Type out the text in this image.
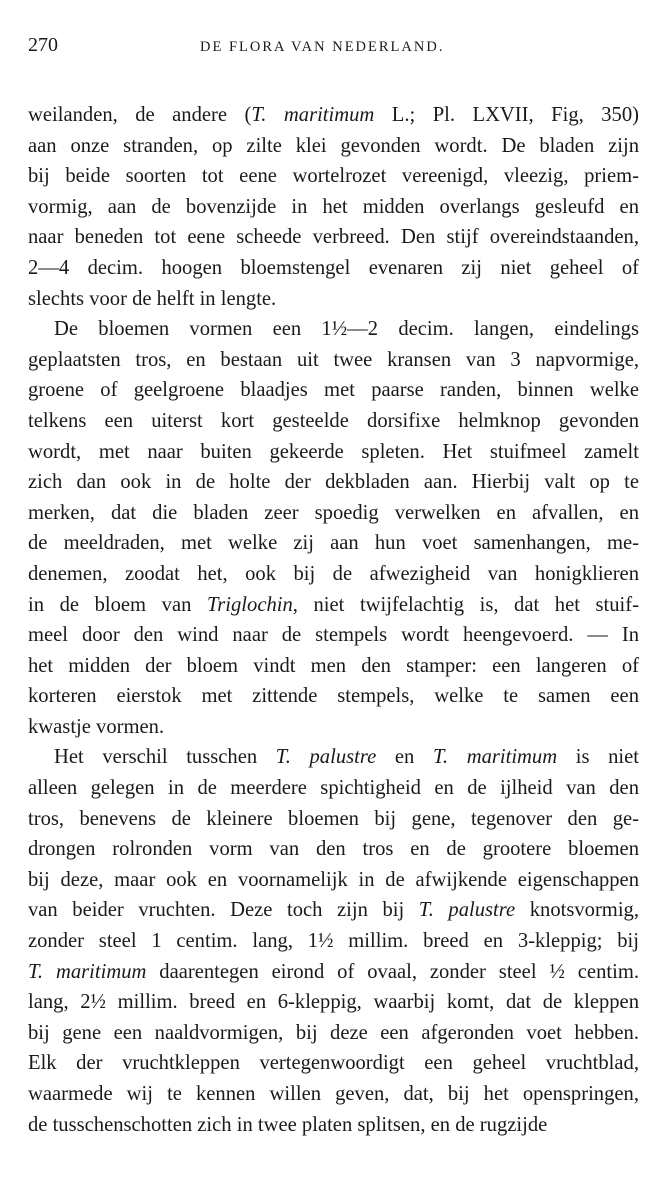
270	DE FLORA VAN NEDERLAND.

weilanden, de andere (T. maritimum L.; Pl. LXVII, Fig, 350)
aan onze stranden, op zilte klei gevonden wordt. De bladen zijn
bij beide soorten tot eene wortelrozet vereenigd, vleezig, priem-
vormig, aan de bovenzijde in het midden overlangs gesleufd en
naar beneden tot eene scheede verbreed. Den stijf overeindstaanden,
2—4 decim. hoogen bloemstengel evenaren zij niet geheel of
slechts voor de helft in lengte.

De bloemen vormen een 1½—2 decim. langen, eindelings
geplaatsten tros, en bestaan uit twee kransen van 3 napvormige,
groene of geelgroene blaadjes met paarse randen, binnen welke
telkens een uiterst kort gesteelde dorsifixe helmknop gevonden
wordt, met naar buiten gekeerde spleten. Het stuifmeel zamelt
zich dan ook in de holte der dekbladen aan. Hierbij valt op te
merken, dat die bladen zeer spoedig verwelken en afvallen, en
de meeldraden, met welke zij aan hun voet samenhangen, me-
denemen, zoodat het, ook bij de afwezigheid van honigklieren
in de bloem van Triglochin, niet twijfelachtig is, dat het stuif-
meel door den wind naar de stempels wordt heengevoerd. — In
het midden der bloem vindt men den stamper: een langeren of
korteren eierstok met zittende stempels, welke te samen een
kwastje vormen.

Het verschil tusschen T. palustre en T. maritimum is niet
alleen gelegen in de meerdere spichtigheid en de ijlheid van den
tros, benevens de kleinere bloemen bij gene, tegenover den ge-
drongen rolronden vorm van den tros en de grootere bloemen
bij deze, maar ook en voornamelijk in de afwijkende eigenschappen
van beider vruchten. Deze toch zijn bij T. palustre knotsvormig,
zonder steel 1 centim. lang, 1½ millim. breed en 3-kleppig; bij
T. maritimum daarentegen eirond of ovaal, zonder steel ½ centim.
lang, 2½ millim. breed en 6-kleppig, waarbij komt, dat de kleppen
bij gene een naaldvormigen, bij deze een afgeronden voet hebben.
Elk der vruchtkleppen vertegenwoordigt een geheel vruchtblad,
waarmede wij te kennen willen geven, dat, bij het openspringen,
de tusschenschotten zich in twee platen splitsen, en de rugzijde
